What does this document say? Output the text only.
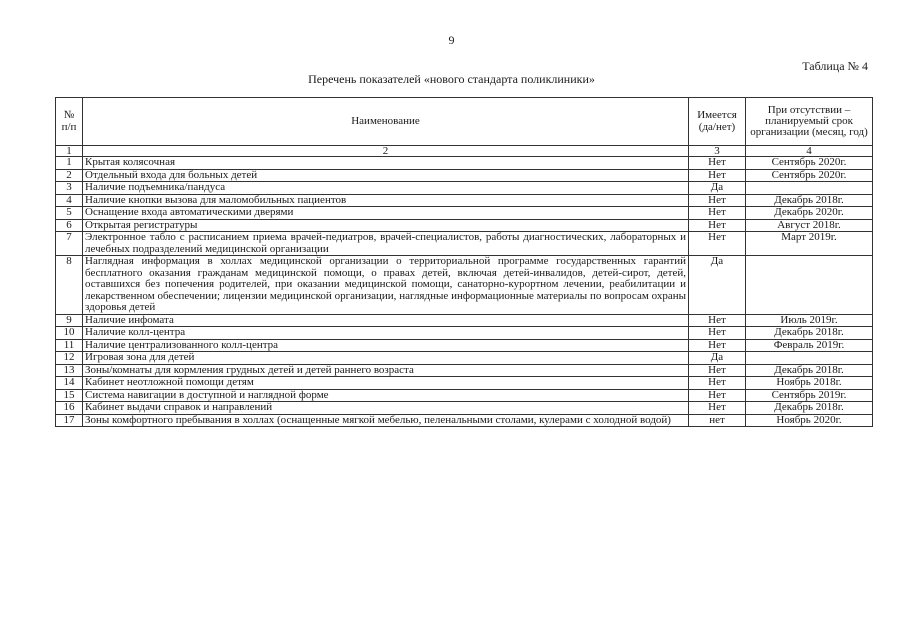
9
Таблица № 4
Перечень показателей «нового стандарта поликлиники»
№ п/п	Наименование	Имеется (да/нет)	При отсутствии – планируемый срок организации (месяц, год)
1	2	3	4
1	Крытая колясочная	Нет	Сентябрь 2020г.
2	Отдельный входа для больных детей	Нет	Сентябрь 2020г.
3	Наличие подъемника/пандуса	Да	
4	Наличие кнопки вызова для маломобильных пациентов	Нет	Декабрь 2018г.
5	Оснащение входа автоматическими дверями	Нет	Декабрь 2020г.
6	Открытая регистратуры	Нет	Август 2018г.
7	Электронное табло с расписанием приема врачей-педиатров, врачей-специалистов, работы диагностических, лабораторных и лечебных подразделений медицинской организации	Нет	Март 2019г.
8	Наглядная информация в холлах медицинской организации о территориальной программе государственных гарантий бесплатного оказания гражданам медицинской помощи, о правах детей, включая детей-инвалидов, детей-сирот, детей, оставшихся без попечения родителей, при оказании медицинской помощи, санаторно-курортном лечении, реабилитации и лекарственном обеспечении; лицензии медицинской организации, наглядные информационные материалы по вопросам охраны здоровья детей	Да	
9	Наличие инфомата	Нет	Июль 2019г.
10	Наличие колл-центра	Нет	Декабрь 2018г.
11	Наличие централизованного колл-центра	Нет	Февраль 2019г.
12	Игровая зона для детей	Да	
13	Зоны/комнаты для кормления грудных детей и детей раннего возраста	Нет	Декабрь 2018г.
14	Кабинет неотложной помощи детям	Нет	Ноябрь 2018г.
15	Система навигации в доступной и наглядной форме	Нет	Сентябрь 2019г.
16	Кабинет выдачи справок и направлений	Нет	Декабрь 2018г.
17	Зоны комфортного пребывания в холлах (оснащенные мягкой мебелью, пеленальными столами, кулерами с холодной водой)	нет	Ноябрь 2020г.
